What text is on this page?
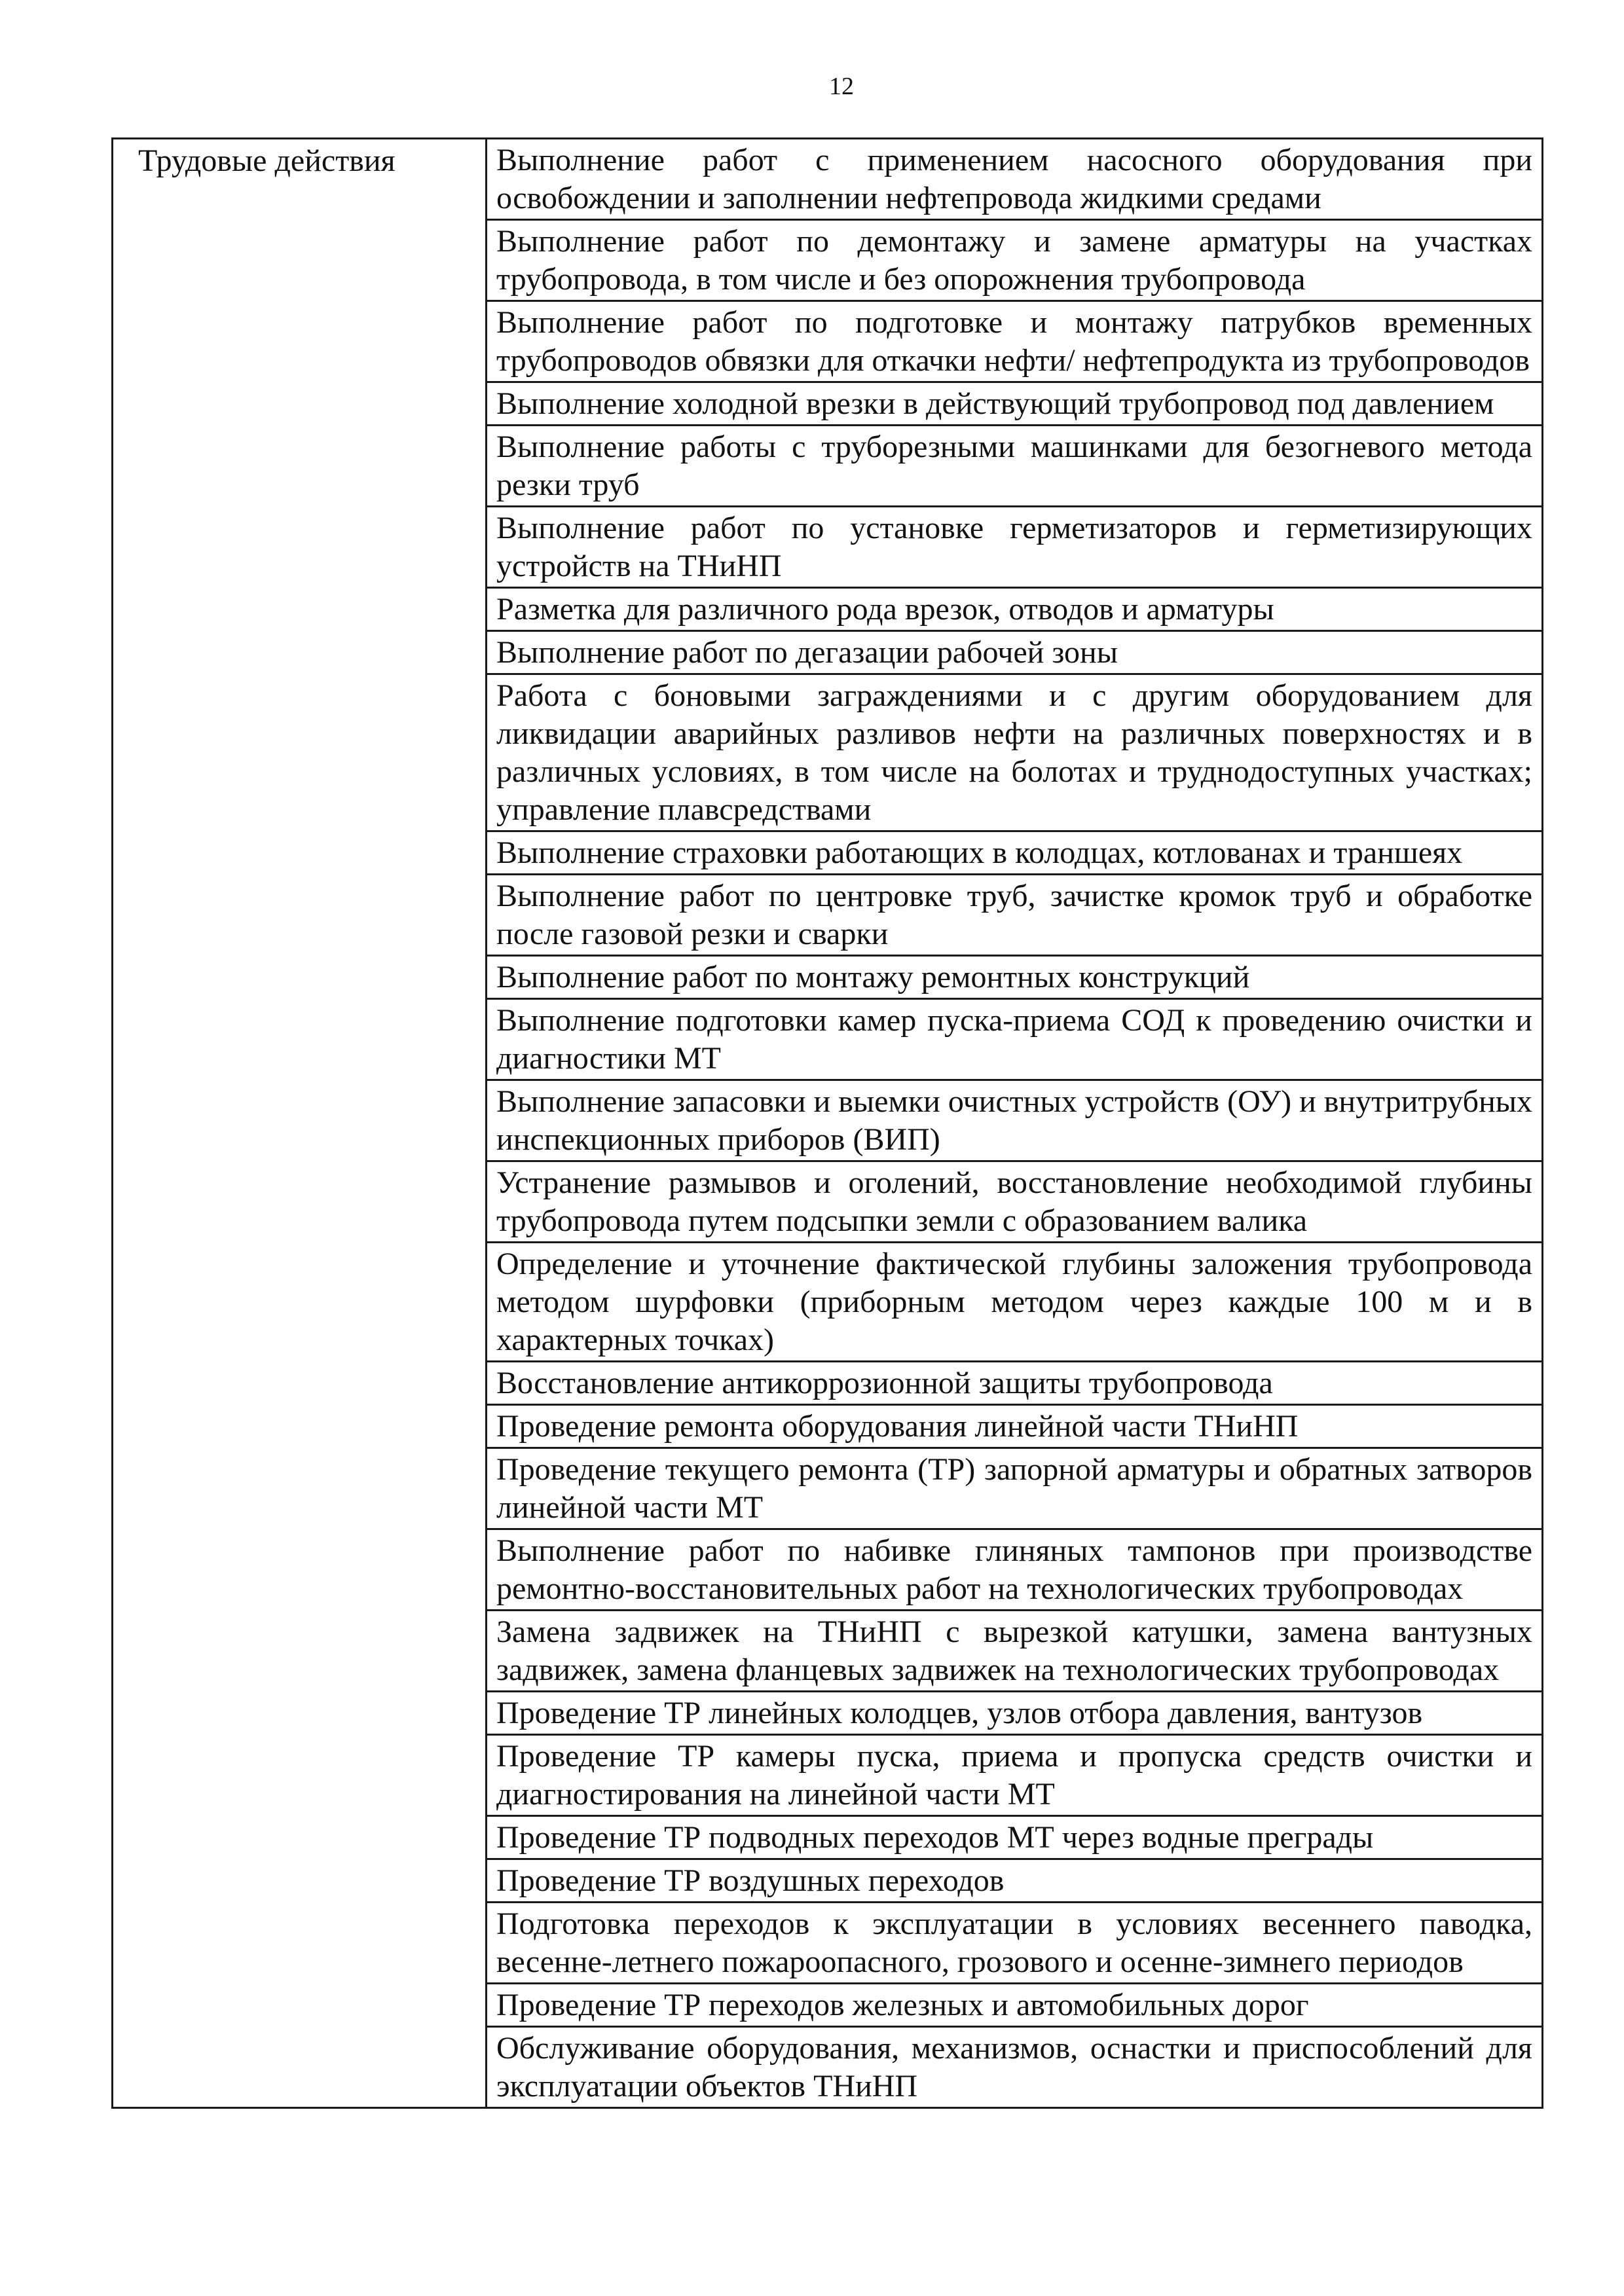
12
Трудовые действия	Выполнение работ с применением насосного оборудования при освобождении и заполнении нефтепровода жидкими средами

Выполнение работ по демонтажу и замене арматуры на участках трубопровода, в том числе и без опорожнения трубопровода

Выполнение работ по подготовке и монтажу патрубков временных трубопроводов обвязки для откачки нефти/ нефтепродукта из трубопроводов

Выполнение холодной врезки в действующий трубопровод под давлением

Выполнение работы с труборезными машинками для безогневого метода резки труб

Выполнение работ по установке герметизаторов и герметизирующих устройств на ТНиНП

Разметка для различного рода врезок, отводов и арматуры

Выполнение работ по дегазации рабочей зоны

Работа с боновыми заграждениями и с другим оборудованием для ликвидации аварийных разливов нефти на различных поверхностях и в различных условиях, в том числе на болотах и труднодоступных участках; управление плавсредствами

Выполнение страховки работающих в колодцах, котлованах и траншеях

Выполнение работ по центровке труб, зачистке кромок труб и обработке после газовой резки и сварки

Выполнение работ по монтажу ремонтных конструкций

Выполнение подготовки камер пуска-приема СОД к проведению очистки и диагностики МТ

Выполнение запасовки и выемки очистных устройств (ОУ) и внутритрубных инспекционных приборов (ВИП)

Устранение размывов и оголений, восстановление необходимой глубины трубопровода путем подсыпки земли с образованием валика

Определение и уточнение фактической глубины заложения трубопровода методом шурфовки (приборным методом через каждые 100 м и в характерных точках)

Восстановление антикоррозионной защиты трубопровода

Проведение ремонта оборудования линейной части ТНиНП

Проведение текущего ремонта (ТР) запорной арматуры и обратных затворов линейной части МТ

Выполнение работ по набивке глиняных тампонов при производстве ремонтно-восстановительных работ на технологических трубопроводах

Замена задвижек на ТНиНП с вырезкой катушки, замена вантузных задвижек, замена фланцевых задвижек на технологических трубопроводах

Проведение ТР линейных колодцев, узлов отбора давления, вантузов

Проведение ТР камеры пуска, приема и пропуска средств очистки и диагностирования на линейной части МТ

Проведение ТР подводных переходов МТ через водные преграды

Проведение ТР воздушных переходов

Подготовка переходов к эксплуатации в условиях весеннего паводка, весенне-летнего пожароопасного, грозового и осенне-зимнего периодов

Проведение ТР переходов железных и автомобильных дорог

Обслуживание оборудования, механизмов, оснастки и приспособлений для эксплуатации объектов ТНиНП
